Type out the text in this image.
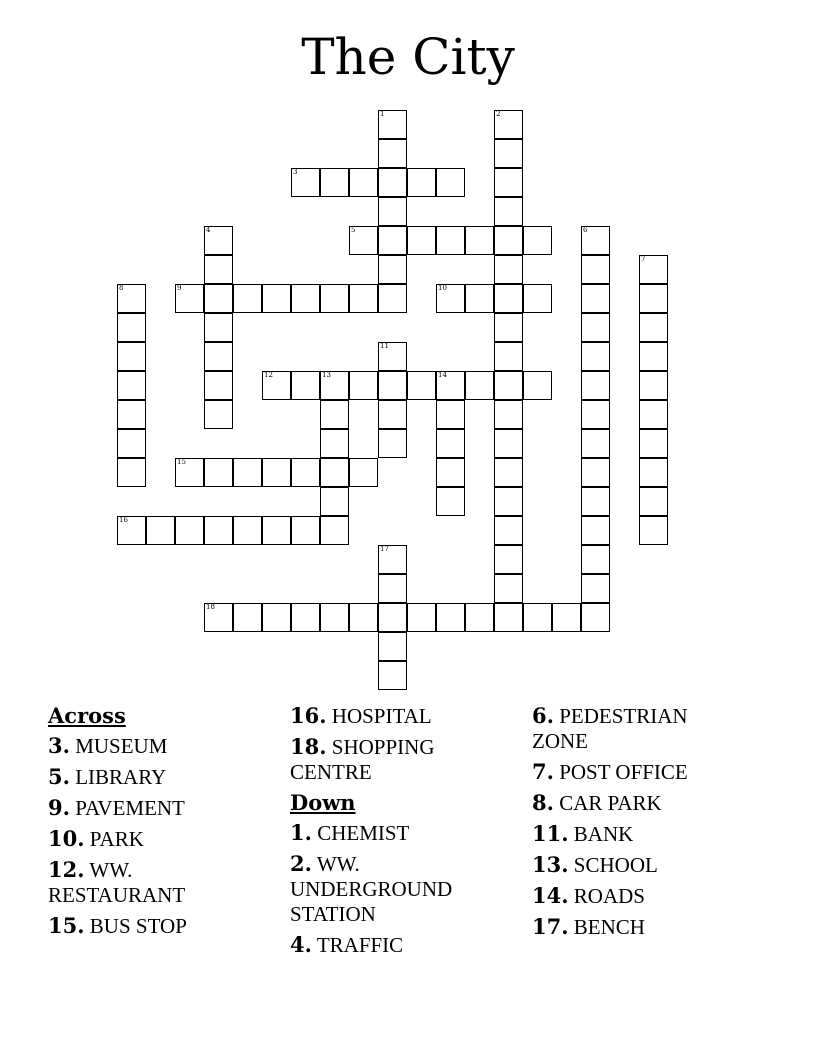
The City
1	2
3
4	5	6
7
8	9	10
11
12	13	14
15
16
17
18
Across
3. MUSEUM
5. LIBRARY
9. PAVEMENT
10. PARK
12. WW. RESTAURANT
15. BUS STOP
16. HOSPITAL
18. SHOPPING CENTRE
Down
1. CHEMIST
2. WW. UNDERGROUND STATION
4. TRAFFIC
6. PEDESTRIAN ZONE
7. POST OFFICE
8. CAR PARK
11. BANK
13. SCHOOL
14. ROADS
17. BENCH
